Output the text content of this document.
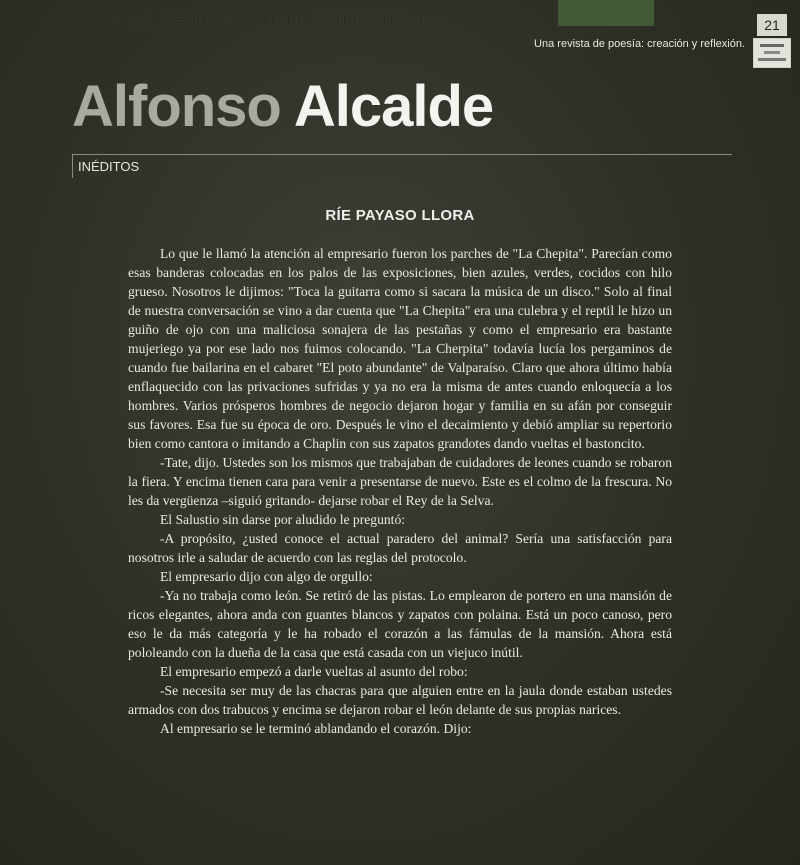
TRILCE Nº 33 AGOS 2012 p.21-29	21
Una revista de poesía: creación y reflexión.
Alfonso Alcalde
INÉDITOS
RÍE PAYASO LLORA

Lo que le llamó la atención al empresario fueron los parches de "La Chepita". Parecían como esas banderas colocadas en los palos de las exposiciones, bien azules, verdes, cocidos con hilo grueso. Nosotros le dijimos: "Toca la guitarra como si sacara la música de un disco." Solo al final de nuestra conversación se vino a dar cuenta que "La Chepita" era una culebra y el reptil le hizo un guiño de ojo con una maliciosa sonajera de las pestañas y como el empresario era bastante mujeriego ya por ese lado nos fuimos colocando. "La Cherpita" todavía lucía los pergaminos de cuando fue bailarina en el cabaret "El poto abundante" de Valparaíso. Claro que ahora último había enflaquecido con las privaciones sufridas y ya no era la misma de antes cuando enloquecía a los hombres. Varios prósperos hombres de negocio dejaron hogar y familia en su afán por conseguir sus favores. Esa fue su época de oro. Después le vino el decaimiento y debió ampliar su repertorio bien como cantora o imitando a Chaplin con sus zapatos grandotes dando vueltas el bastoncito.

-Tate, dijo. Ustedes son los mismos que trabajaban de cuidadores de leones cuando se robaron la fiera. Y encima tienen cara para venir a presentarse de nuevo. Este es el colmo de la frescura. No les da vergüenza –siguió gritando- dejarse robar el Rey de la Selva.

El Salustio sin darse por aludido le preguntó:

-A propósito, ¿usted conoce el actual paradero del animal? Sería una satisfacción para nosotros irle a saludar de acuerdo con las reglas del protocolo.

El empresario dijo con algo de orgullo:

-Ya no trabaja como león. Se retiró de las pistas. Lo emplearon de portero en una mansión de ricos elegantes, ahora anda con guantes blancos y zapatos con polaina. Está un poco canoso, pero eso le da más categoría y le ha robado el corazón a las fámulas de la mansión. Ahora está pololeando con la dueña de la casa que está casada con un viejuco inútil.

El empresario empezó a darle vueltas al asunto del robo:

-Se necesita ser muy de las chacras para que alguien entre en la jaula donde estaban ustedes armados con dos trabucos y encima se dejaron robar el león delante de sus propias narices.

Al empresario se le terminó ablandando el corazón. Dijo:
